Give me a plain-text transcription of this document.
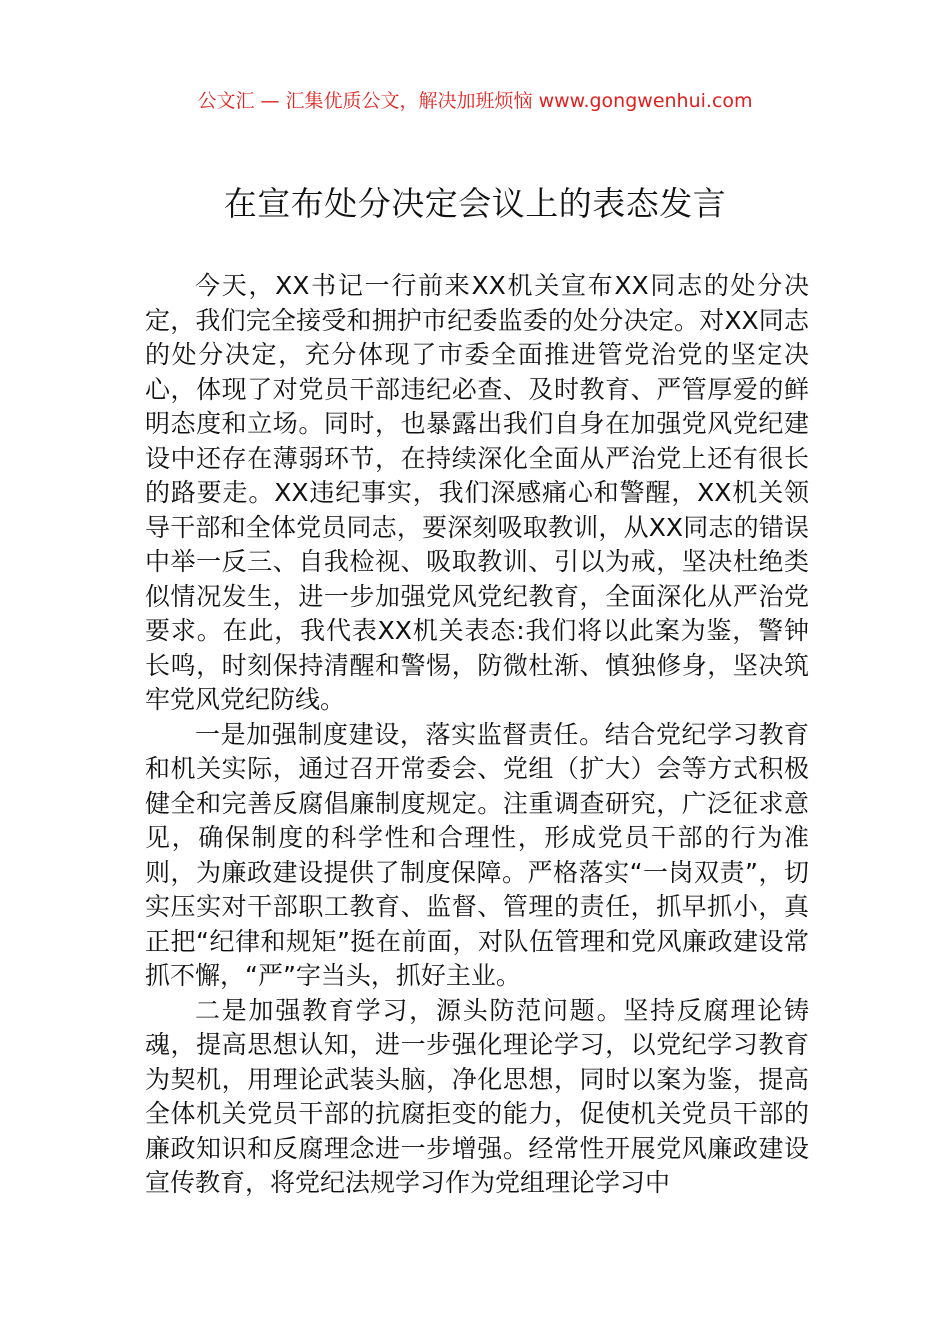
公文汇 — 汇集优质公文，解决加班烦恼 www.gongwenhui.com
在宣布处分决定会议上的表态发言

今天，XX书记一行前来XX机关宣布XX同志的处分决定，我们完全接受和拥护市纪委监委的处分决定。对XX同志的处分决定，充分体现了市委全面推进管党治党的坚定决心，体现了对党员干部违纪必查、及时教育、严管厚爱的鲜明态度和立场。同时，也暴露出我们自身在加强党风党纪建设中还存在薄弱环节，在持续深化全面从严治党上还有很长的路要走。XX违纪事实，我们深感痛心和警醒，XX机关领导干部和全体党员同志，要深刻吸取教训，从XX同志的错误中举一反三、自我检视、吸取教训、引以为戒，坚决杜绝类似情况发生，进一步加强党风党纪教育，全面深化从严治党要求。在此，我代表XX机关表态:我们将以此案为鉴，警钟长鸣，时刻保持清醒和警惕，防微杜渐、慎独修身，坚决筑牢党风党纪防线。

一是加强制度建设，落实监督责任。结合党纪学习教育和机关实际，通过召开常委会、党组（扩大）会等方式积极健全和完善反腐倡廉制度规定。注重调查研究，广泛征求意见，确保制度的科学性和合理性，形成党员干部的行为准则，为廉政建设提供了制度保障。严格落实“一岗双责”，切实压实对干部职工教育、监督、管理的责任，抓早抓小，真正把“纪律和规矩”挺在前面，对队伍管理和党风廉政建设常抓不懈，“严”字当头，抓好主业。

二是加强教育学习，源头防范问题。坚持反腐理论铸魂，提高思想认知，进一步强化理论学习，以党纪学习教育为契机，用理论武装头脑，净化思想，同时以案为鉴，提高全体机关党员干部的抗腐拒变的能力，促使机关党员干部的廉政知识和反腐理念进一步增强。经常性开展党风廉政建设宣传教育，将党纪法规学习作为党组理论学习中
